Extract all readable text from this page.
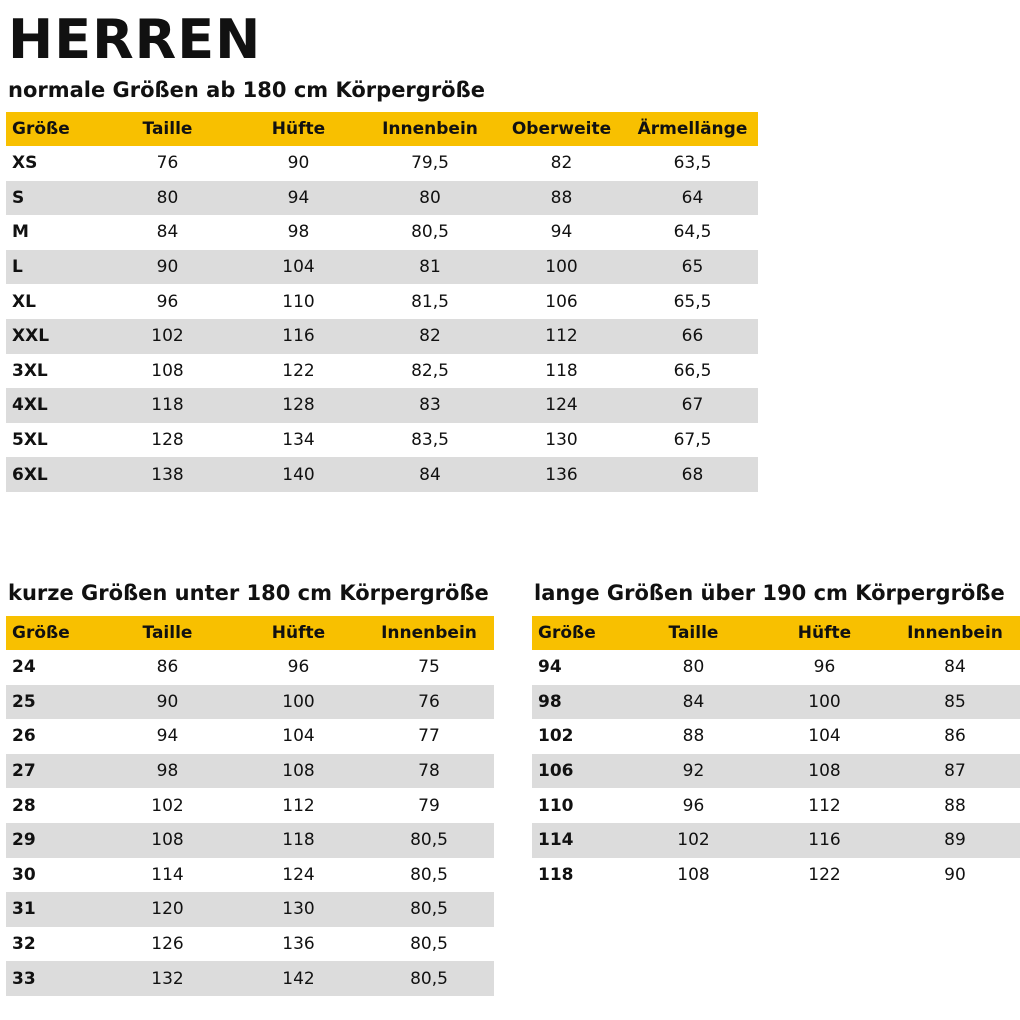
HERREN
normale Größen ab 180 cm Körpergröße
Größe	Taille	Hüfte	Innenbein	Oberweite	Ärmellänge
XS	76	90	79,5	82	63,5
S	80	94	80	88	64
M	84	98	80,5	94	64,5
L	90	104	81	100	65
XL	96	110	81,5	106	65,5
XXL	102	116	82	112	66
3XL	108	122	82,5	118	66,5
4XL	118	128	83	124	67
5XL	128	134	83,5	130	67,5
6XL	138	140	84	136	68
kurze Größen unter 180 cm Körpergröße
Größe	Taille	Hüfte	Innenbein
24	86	96	75
25	90	100	76
26	94	104	77
27	98	108	78
28	102	112	79
29	108	118	80,5
30	114	124	80,5
31	120	130	80,5
32	126	136	80,5
33	132	142	80,5
lange Größen über 190 cm Körpergröße
Größe	Taille	Hüfte	Innenbein
94	80	96	84
98	84	100	85
102	88	104	86
106	92	108	87
110	96	112	88
114	102	116	89
118	108	122	90
